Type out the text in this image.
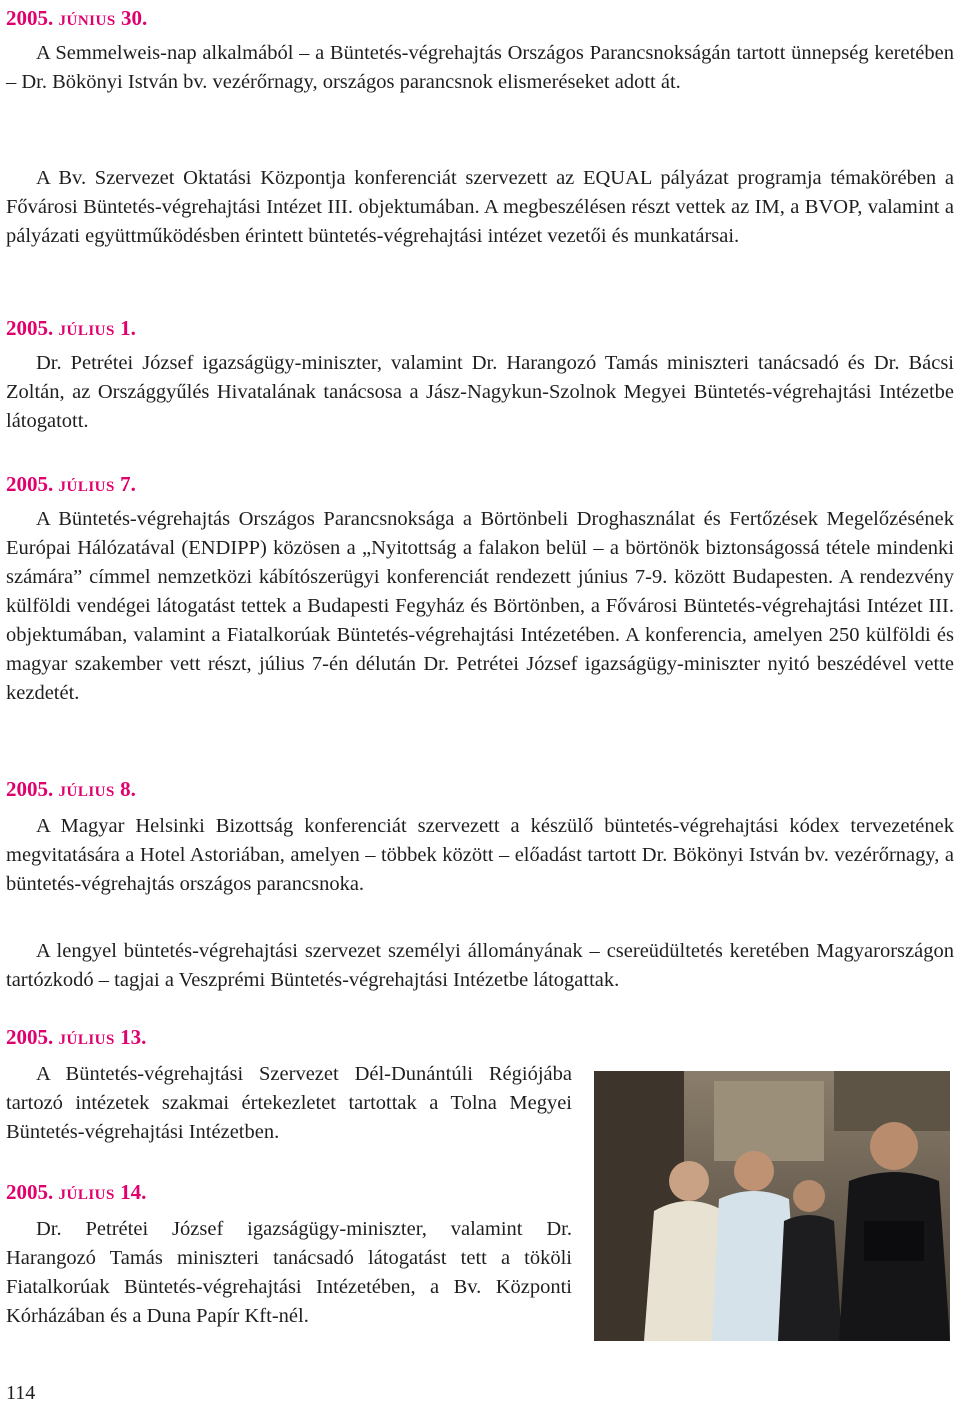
2005. JÚNIUS 30.

A Semmelweis-nap alkalmából – a Büntetés-végrehajtás Országos Parancsnokságán tartott ünnepség keretében – Dr. Bökönyi István bv. vezérőrnagy, országos parancsnok elismeréseket adott át.

A Bv. Szervezet Oktatási Központja konferenciát szervezett az EQUAL pályázat programja témakörében a Fővárosi Büntetés-végrehajtási Intézet III. objektumában. A megbeszélésen részt vettek az IM, a BVOP, valamint a pályázati együttműködésben érintett büntetés-végrehajtási intézet vezetői és munkatársai.

2005. JÚLIUS 1.

Dr. Petrétei József igazságügy-miniszter, valamint Dr. Harangozó Tamás miniszteri tanácsadó és Dr. Bácsi Zoltán, az Országgyűlés Hivatalának tanácsosa a Jász-Nagykun-Szolnok Megyei Büntetés-végrehajtási Intézetbe látogatott.

2005. JÚLIUS 7.

A Büntetés-végrehajtás Országos Parancsnoksága a Börtönbeli Droghasználat és Fertőzések Megelőzésének Európai Hálózatával (ENDIPP) közösen a „Nyitottság a falakon belül – a börtönök biztonságossá tétele mindenki számára” címmel nemzetközi kábítószerügyi konferenciát rendezett június 7-9. között Budapesten. A rendezvény külföldi vendégei látogatást tettek a Budapesti Fegyház és Börtönben, a Fővárosi Büntetés-végrehajtási Intézet III. objektumában, valamint a Fiatalkorúak Büntetés-végrehajtási Intézetében. A konferencia, amelyen 250 külföldi és magyar szakember vett részt, július 7-én délután Dr. Petrétei József igazságügy-miniszter nyitó beszédével vette kezdetét.

2005. JÚLIUS 8.

A Magyar Helsinki Bizottság konferenciát szervezett a készülő büntetés-végrehajtási kódex tervezetének megvitatására a Hotel Astoriában, amelyen – többek között – előadást tartott Dr. Bökönyi István bv. vezérőrnagy, a büntetés-végrehajtás országos parancsnoka.

A lengyel büntetés-végrehajtási szervezet személyi állományának – csereüdültetés keretében Magyarországon tartózkodó – tagjai a Veszprémi Büntetés-végrehajtási Intézetbe látogattak.

2005. JÚLIUS 13.

A Büntetés-végrehajtási Szervezet Dél-Dunántúli Régiójába tartozó intézetek szakmai értekezletet tartottak a Tolna Megyei Büntetés-végrehajtási Intézetben.

2005. JÚLIUS 14.

Dr. Petrétei József igazságügy-miniszter, valamint Dr. Harangozó Tamás miniszteri tanácsadó látogatást tett a tököli Fiatalkorúak Büntetés-végrehajtási Intézetében, a Bv. Központi Kórházában és a Duna Papír Kft-nél.

114
